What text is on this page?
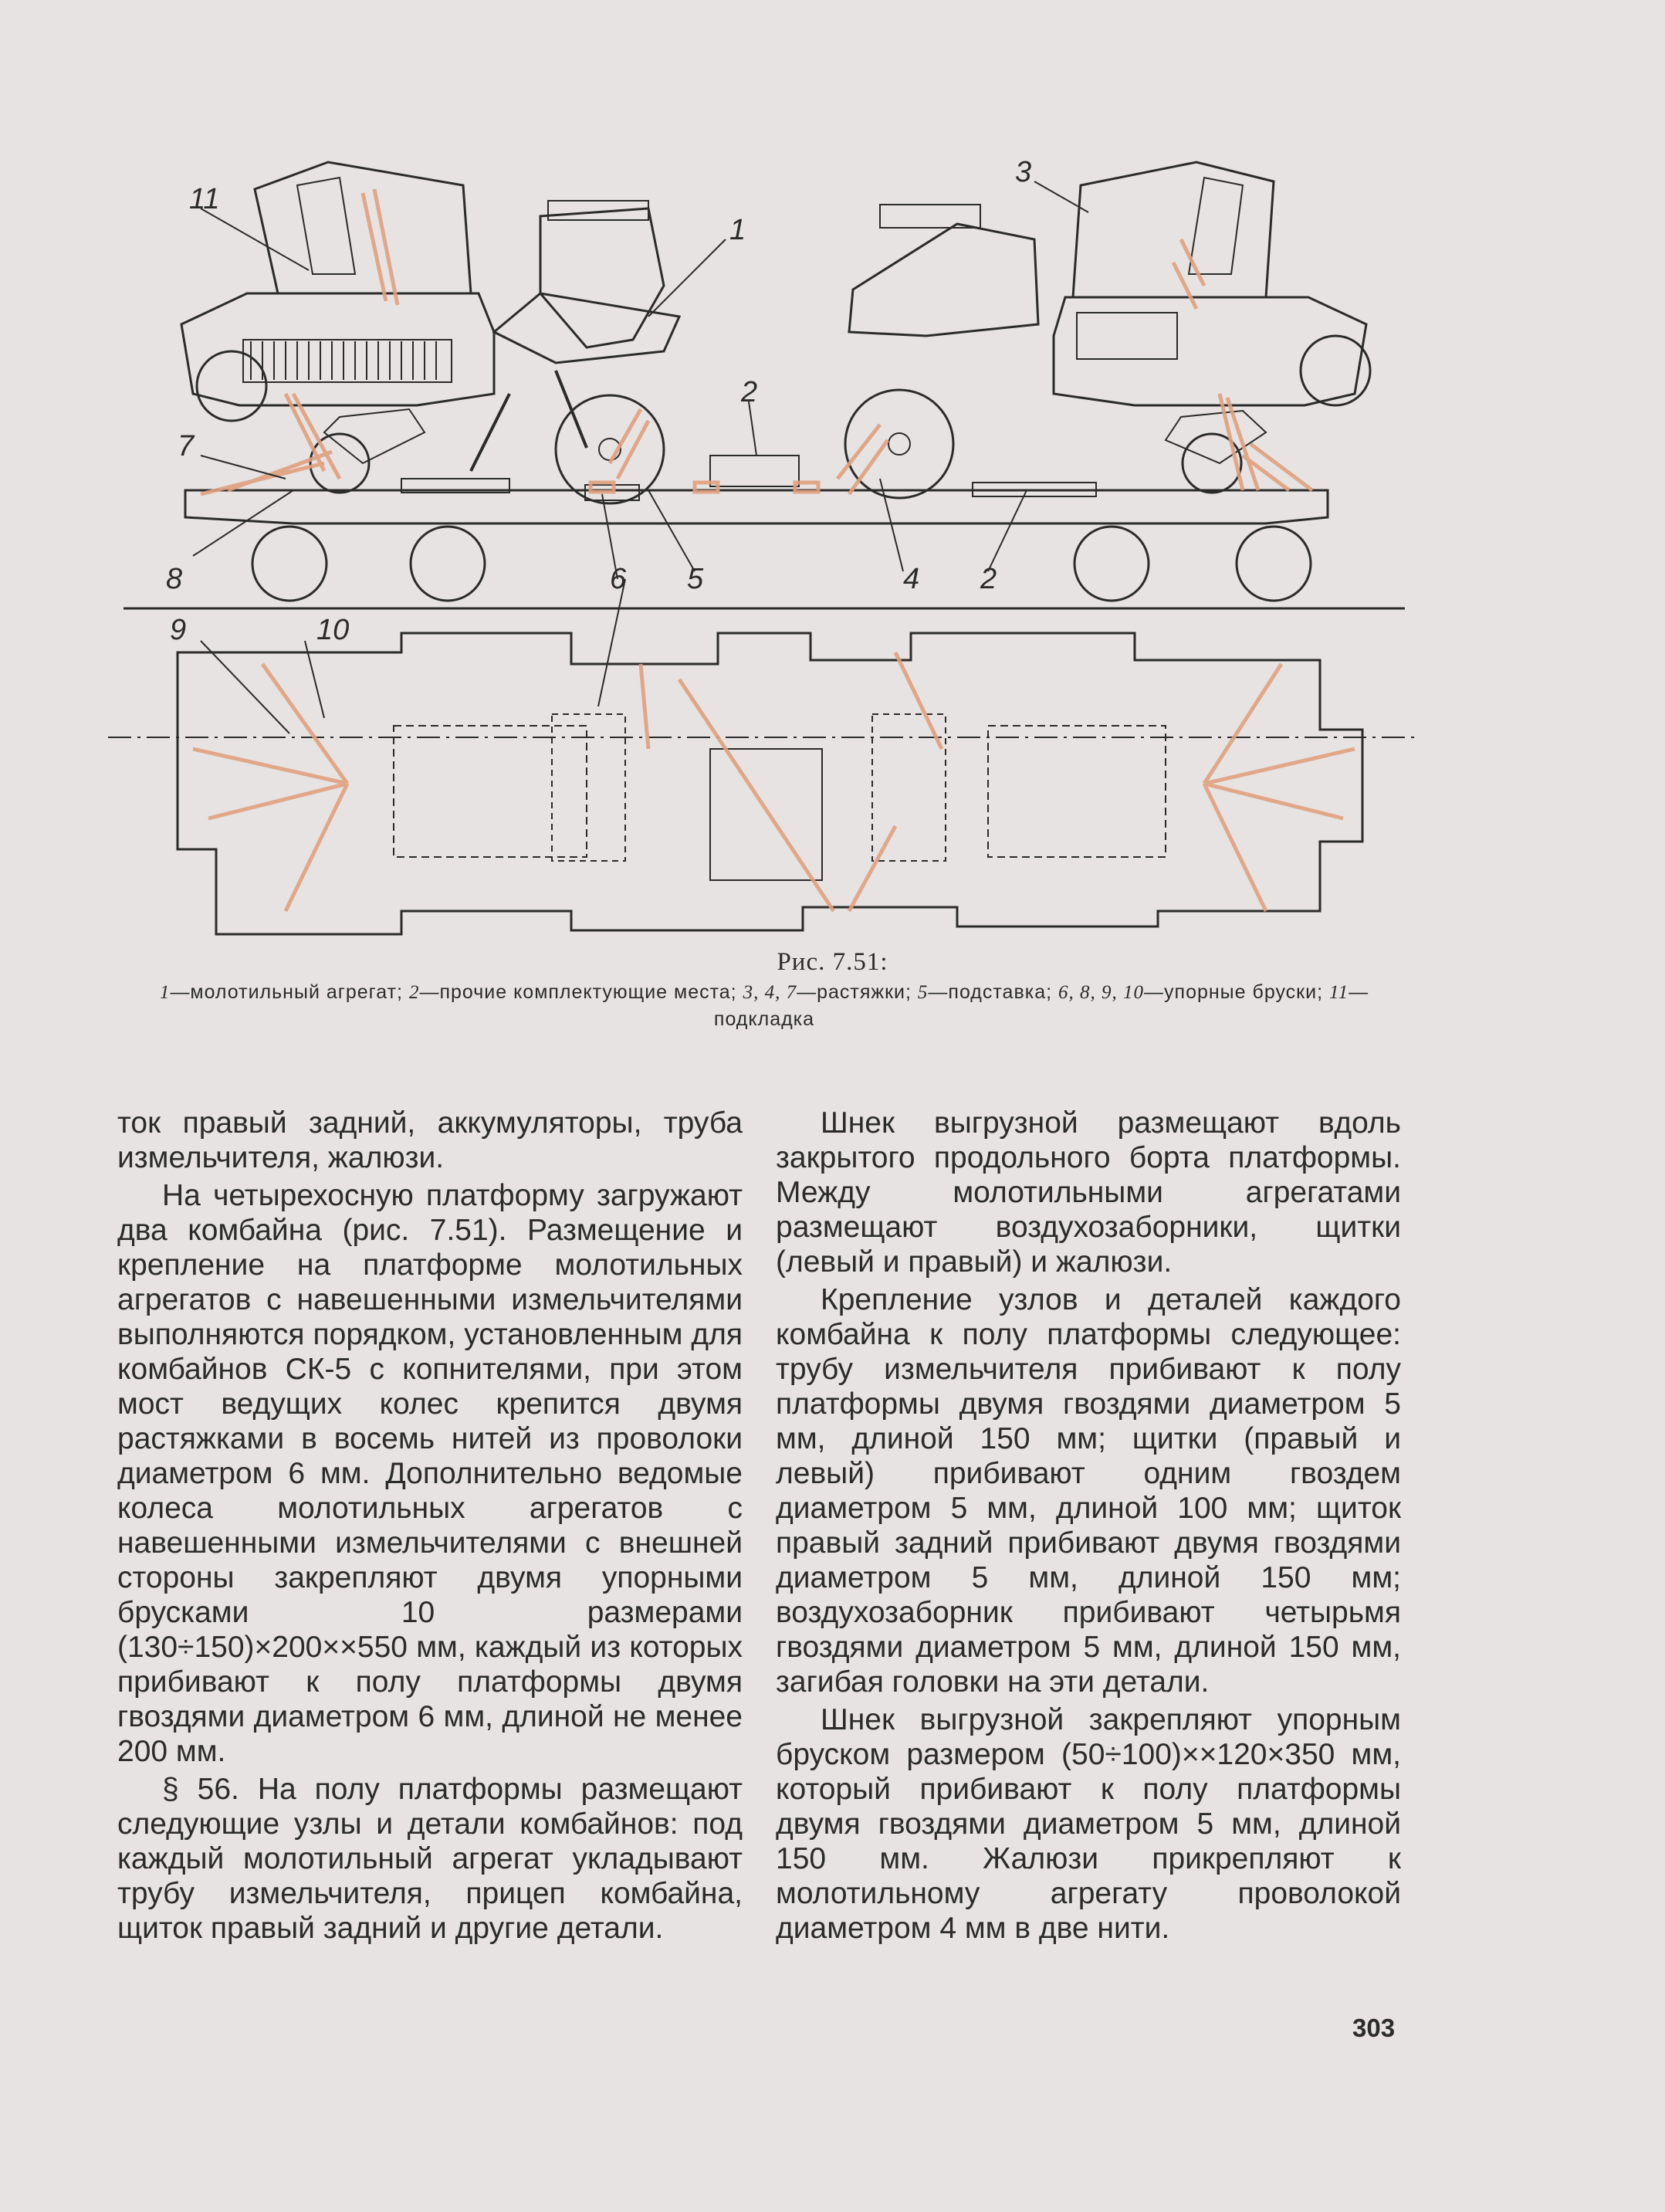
11
3
1
2
7
8	6 5	4 2
9	10
Рис. 7.51:
1—молотильный агрегат; 2—прочие комплектующие места; 3, 4, 7—растяжки; 5—подставка; 6, 8, 9, 10—упорные бруски; 11—подкладка

ток правый задний, аккумуляторы, труба измельчителя, жалюзи.

На четырехосную платформу загружают два комбайна (рис. 7.51). Размещение и крепление на платформе молотильных агрегатов с навешенными измельчителями выполняются порядком, установленным для комбайнов СК-5 с копнителями, при этом мост ведущих колес крепится двумя растяжками в восемь нитей из проволоки диаметром 6 мм. Дополнительно ведомые колеса молотильных агрегатов с навешенными измельчителями с внешней стороны закрепляют двумя упорными брусками 10 размерами (130÷150)×200××550 мм, каждый из которых прибивают к полу платформы двумя гвоздями диаметром 6 мм, длиной не менее 200 мм.

§ 56. На полу платформы размещают следующие узлы и детали комбайнов: под каждый молотильный агрегат укладывают трубу измельчителя, прицеп комбайна, щиток правый задний и другие детали.

Шнек выгрузной размещают вдоль закрытого продольного борта платформы. Между молотильными агрегатами размещают воздухозаборники, щитки (левый и правый) и жалюзи.

Крепление узлов и деталей каждого комбайна к полу платформы следующее: трубу измельчителя прибивают к полу платформы двумя гвоздями диаметром 5 мм, длиной 150 мм; щитки (правый и левый) прибивают одним гвоздем диаметром 5 мм, длиной 100 мм; щиток правый задний прибивают двумя гвоздями диаметром 5 мм, длиной 150 мм; воздухозаборник прибивают четырьмя гвоздями диаметром 5 мм, длиной 150 мм, загибая головки на эти детали.

Шнек выгрузной закрепляют упорным бруском размером (50÷100)××120×350 мм, который прибивают к полу платформы двумя гвоздями диаметром 5 мм, длиной 150 мм. Жалюзи прикрепляют к молотильному агрегату проволокой диаметром 4 мм в две нити.

303
